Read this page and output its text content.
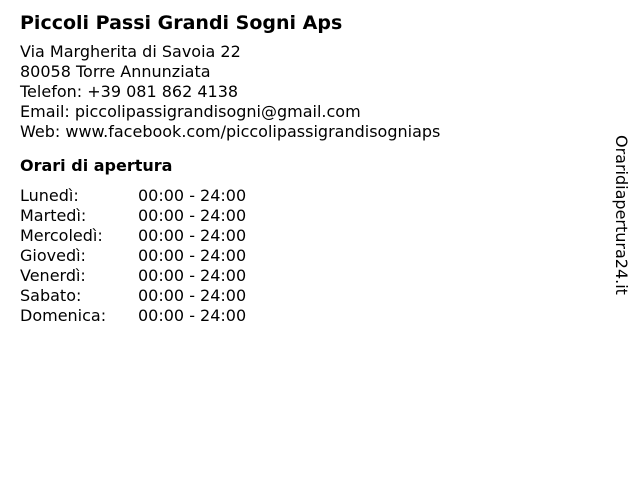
Piccoli Passi Grandi Sogni Aps
Via Margherita di Savoia 22
80058 Torre Annunziata
Telefon: +39 081 862 4138
Email: piccolipassigrandisogni@gmail.com
Web: www.facebook.com/piccolipassigrandisogniaps
Orari di apertura
Lunedì:	00:00 - 24:00
Martedì:	00:00 - 24:00
Mercoledì:	00:00 - 24:00
Giovedì:	00:00 - 24:00
Venerdì:	00:00 - 24:00
Sabato:	00:00 - 24:00
Domenica:	00:00 - 24:00
Oraridiapertura24.it
